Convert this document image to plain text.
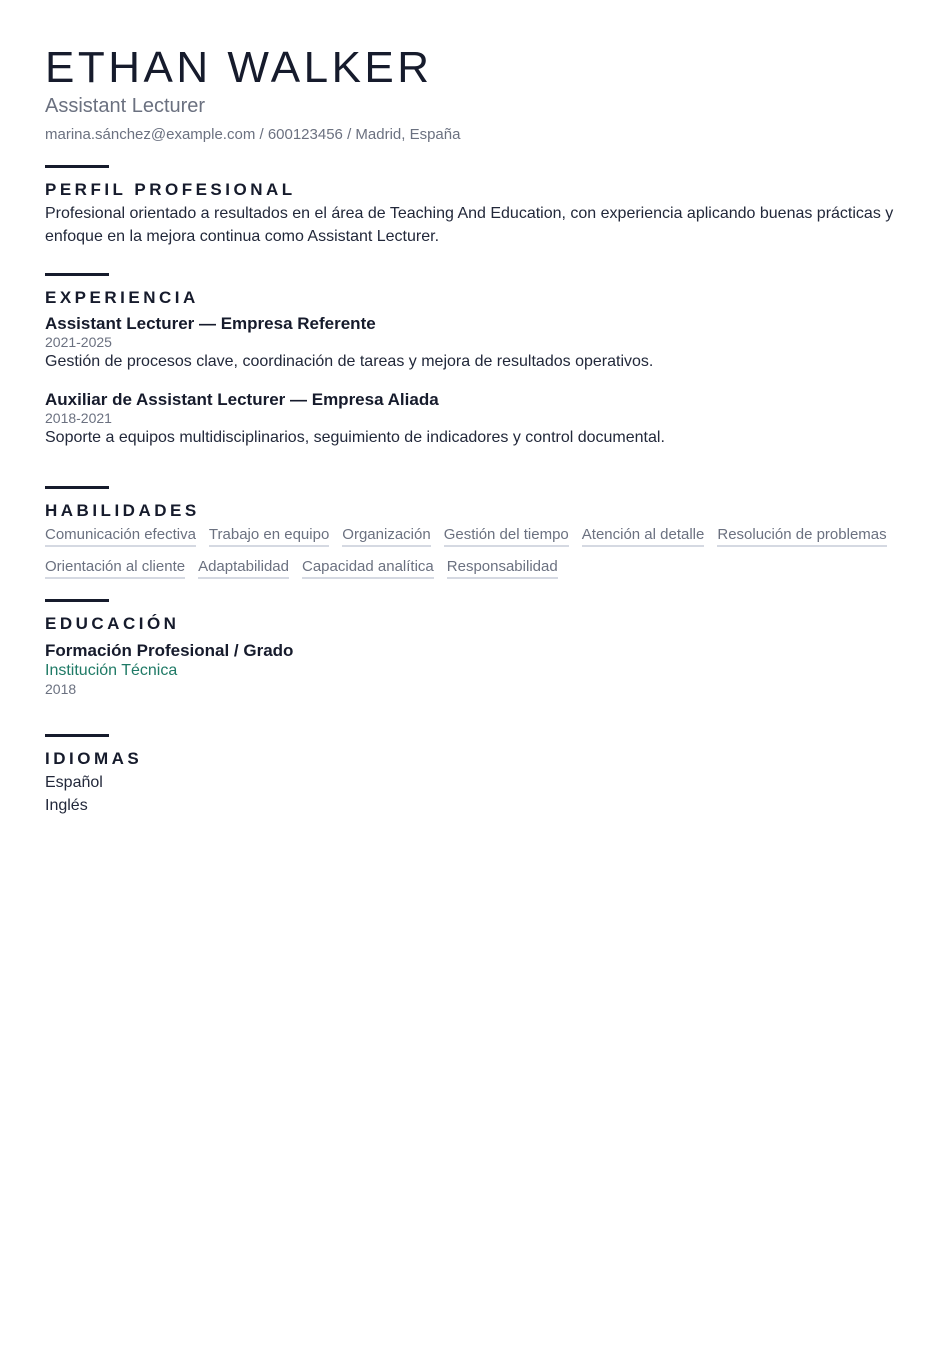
ETHAN WALKER
Assistant Lecturer
marina.sánchez@example.com / 600123456 / Madrid, España
PERFIL PROFESIONAL
Profesional orientado a resultados en el área de Teaching And Education, con experiencia aplicando buenas prácticas y enfoque en la mejora continua como Assistant Lecturer.
EXPERIENCIA
Assistant Lecturer — Empresa Referente
2021-2025
Gestión de procesos clave, coordinación de tareas y mejora de resultados operativos.
Auxiliar de Assistant Lecturer — Empresa Aliada
2018-2021
Soporte a equipos multidisciplinarios, seguimiento de indicadores y control documental.
HABILIDADES
Comunicación efectiva Trabajo en equipo Organización Gestión del tiempo Atención al detalle Resolución de problemas
Orientación al cliente Adaptabilidad Capacidad analítica Responsabilidad
EDUCACIÓN
Formación Profesional / Grado
Institución Técnica
2018
IDIOMAS
Español
Inglés
